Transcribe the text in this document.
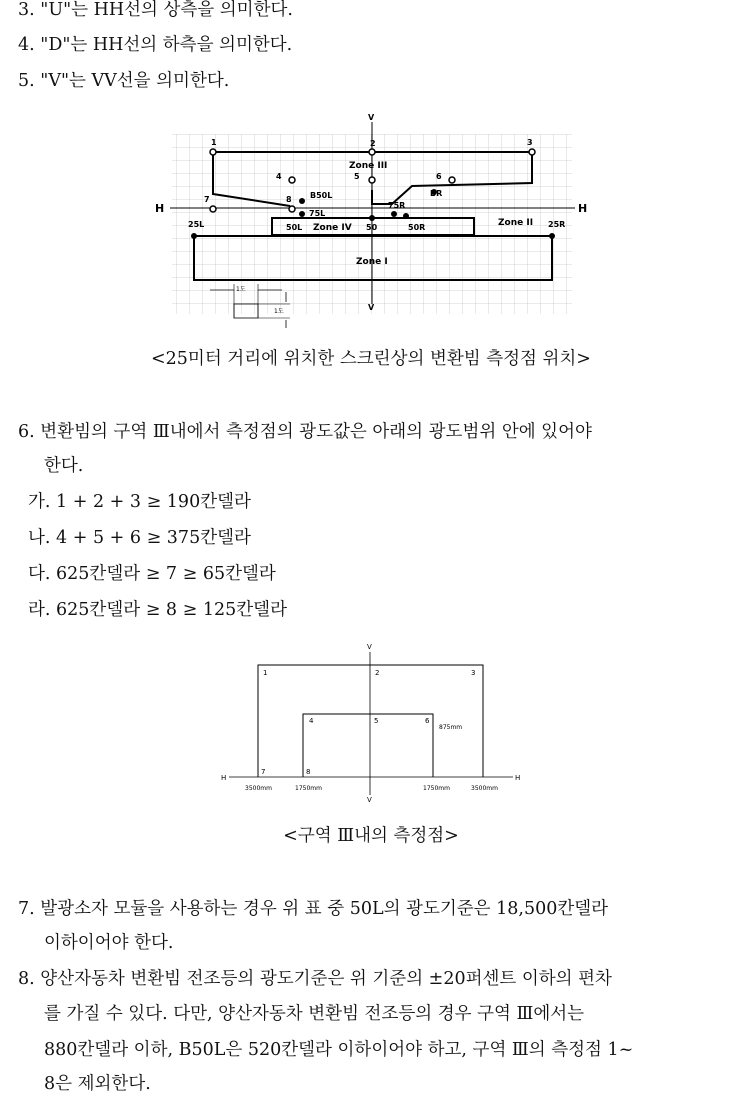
3. "U"는 HH선의 상측을 의미한다.
4. "D"는 HH선의 하측을 의미한다.
5. "V"는 VV선을 의미한다.
V
V
H	H
1	2	3
4	5	6
7	8
Zone III
B50L	BR
75L
75R
50L Zone IV 50	50R	Zone II
25L	25R
Zone I
1도
1도
<25미터 거리에 위치한 스크린상의 변환빔 측정점 위치>
6. 변환빔의 구역 Ⅲ내에서 측정점의 광도값은 아래의 광도범위 안에 있어야
한다.
가. 1 + 2 + 3 ≥ 190칸델라
나. 4 + 5 + 6 ≥ 375칸델라
다. 625칸델라 ≥ 7 ≥ 65칸델라
라. 625칸델라 ≥ 8 ≥ 125칸델라
V
V
H	H
1	2	3
4	5	6
7	8
875mm
3500mm	1750mm	1750mm	3500mm
<구역 Ⅲ내의 측정점>
7. 발광소자 모듈을 사용하는 경우 위 표 중 50L의 광도기준은 18,500칸델라
이하이어야 한다.
8. 양산자동차 변환빔 전조등의 광도기준은 위 기준의 ±20퍼센트 이하의 편차
를 가질 수 있다. 다만, 양산자동차 변환빔 전조등의 경우 구역 Ⅲ에서는
880칸델라 이하, B50L은 520칸델라 이하이어야 하고, 구역 Ⅲ의 측정점 1~
8은 제외한다.
